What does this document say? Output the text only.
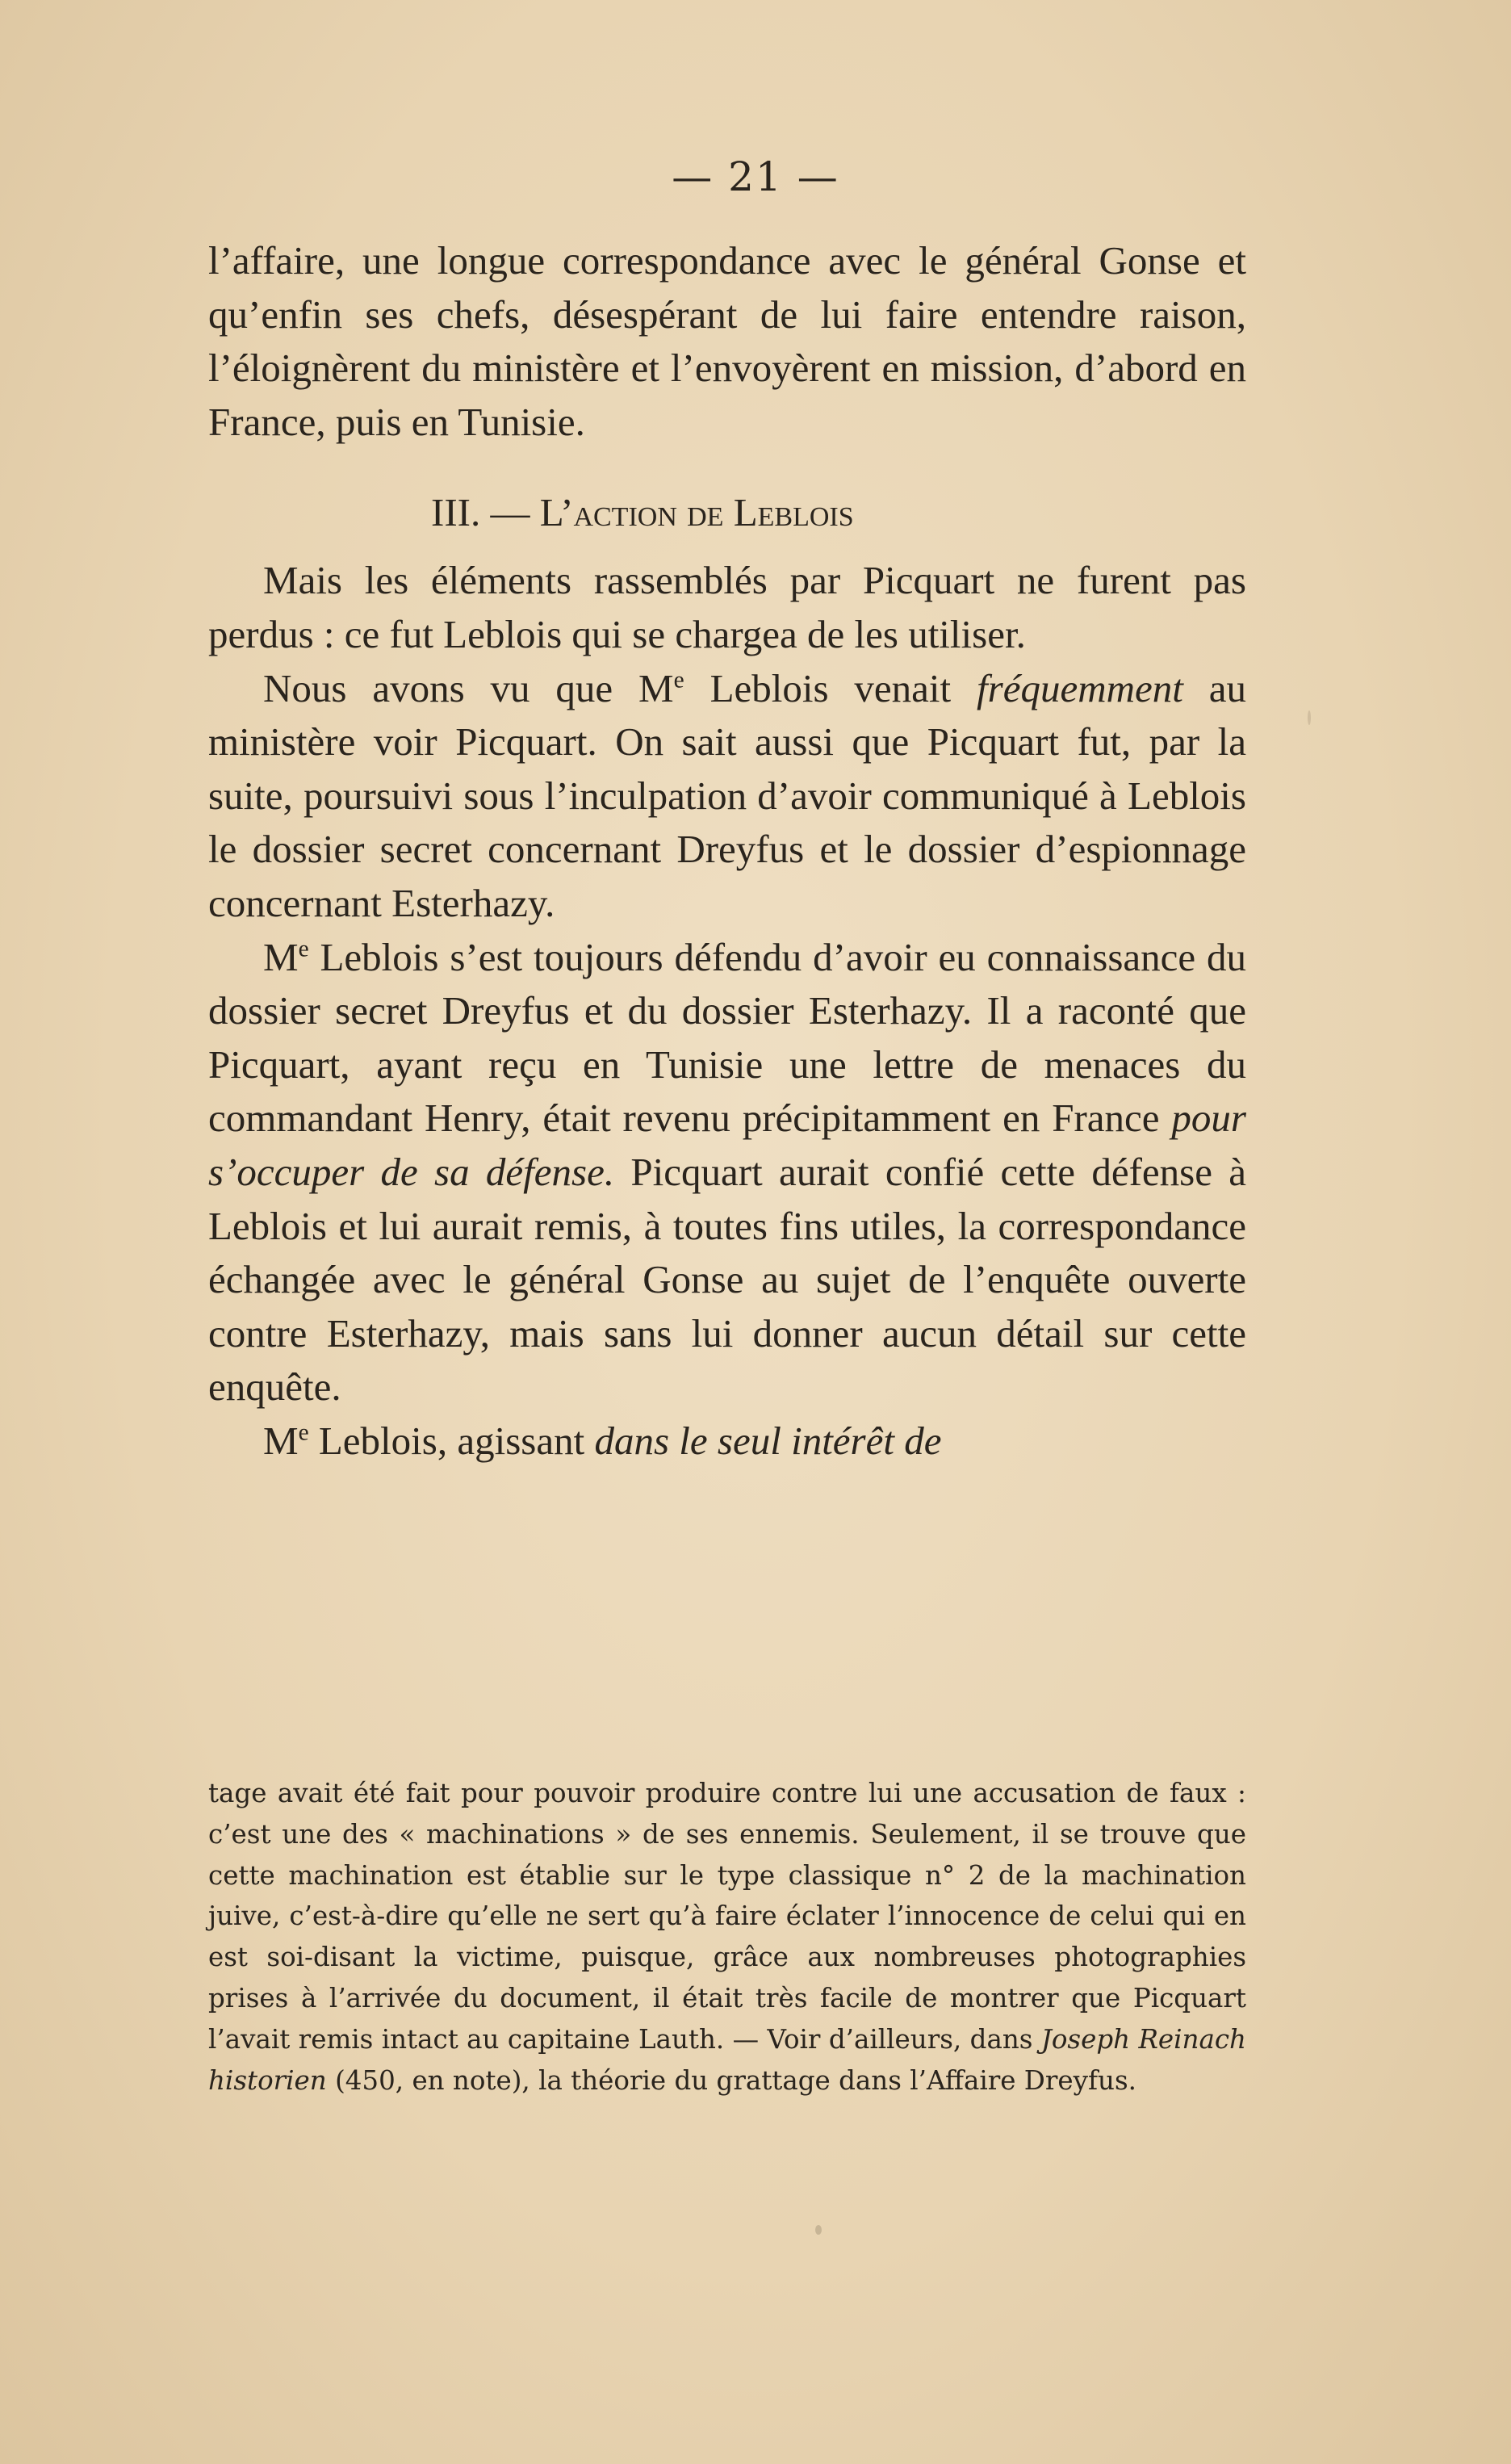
— 21 —

l’affaire, une longue correspondance avec le général Gonse et qu’enfin ses chefs, désespérant de lui faire entendre raison, l’éloignèrent du ministère et l’envoyèrent en mission, d’abord en France, puis en Tunisie.

III. — L’action de Leblois

Mais les éléments rassemblés par Picquart ne furent pas perdus : ce fut Leblois qui se chargea de les utiliser.

Nous avons vu que Me Leblois venait fréquemment au ministère voir Picquart. On sait aussi que Picquart fut, par la suite, poursuivi sous l’inculpation d’avoir communiqué à Leblois le dossier secret concernant Dreyfus et le dossier d’espionnage concernant Esterhazy.

Me Leblois s’est toujours défendu d’avoir eu connaissance du dossier secret Dreyfus et du dossier Esterhazy. Il a raconté que Picquart, ayant reçu en Tunisie une lettre de menaces du commandant Henry, était revenu précipitamment en France pour s’occuper de sa défense. Picquart aurait confié cette défense à Leblois et lui aurait remis, à toutes fins utiles, la correspondance échangée avec le général Gonse au sujet de l’enquête ouverte contre Esterhazy, mais sans lui donner aucun détail sur cette enquête.

Me Leblois, agissant dans le seul intérêt de

tage avait été fait pour pouvoir produire contre lui une accusation de faux : c’est une des « machinations » de ses ennemis. Seulement, il se trouve que cette machination est établie sur le type classique n° 2 de la machination juive, c’est-à-dire qu’elle ne sert qu’à faire éclater l’innocence de celui qui en est soi-disant la victime, puisque, grâce aux nombreuses photographies prises à l’arrivée du document, il était très facile de montrer que Picquart l’avait remis intact au capitaine Lauth. — Voir d’ailleurs, dans Joseph Reinach historien (450, en note), la théorie du grattage dans l’Affaire Dreyfus.
